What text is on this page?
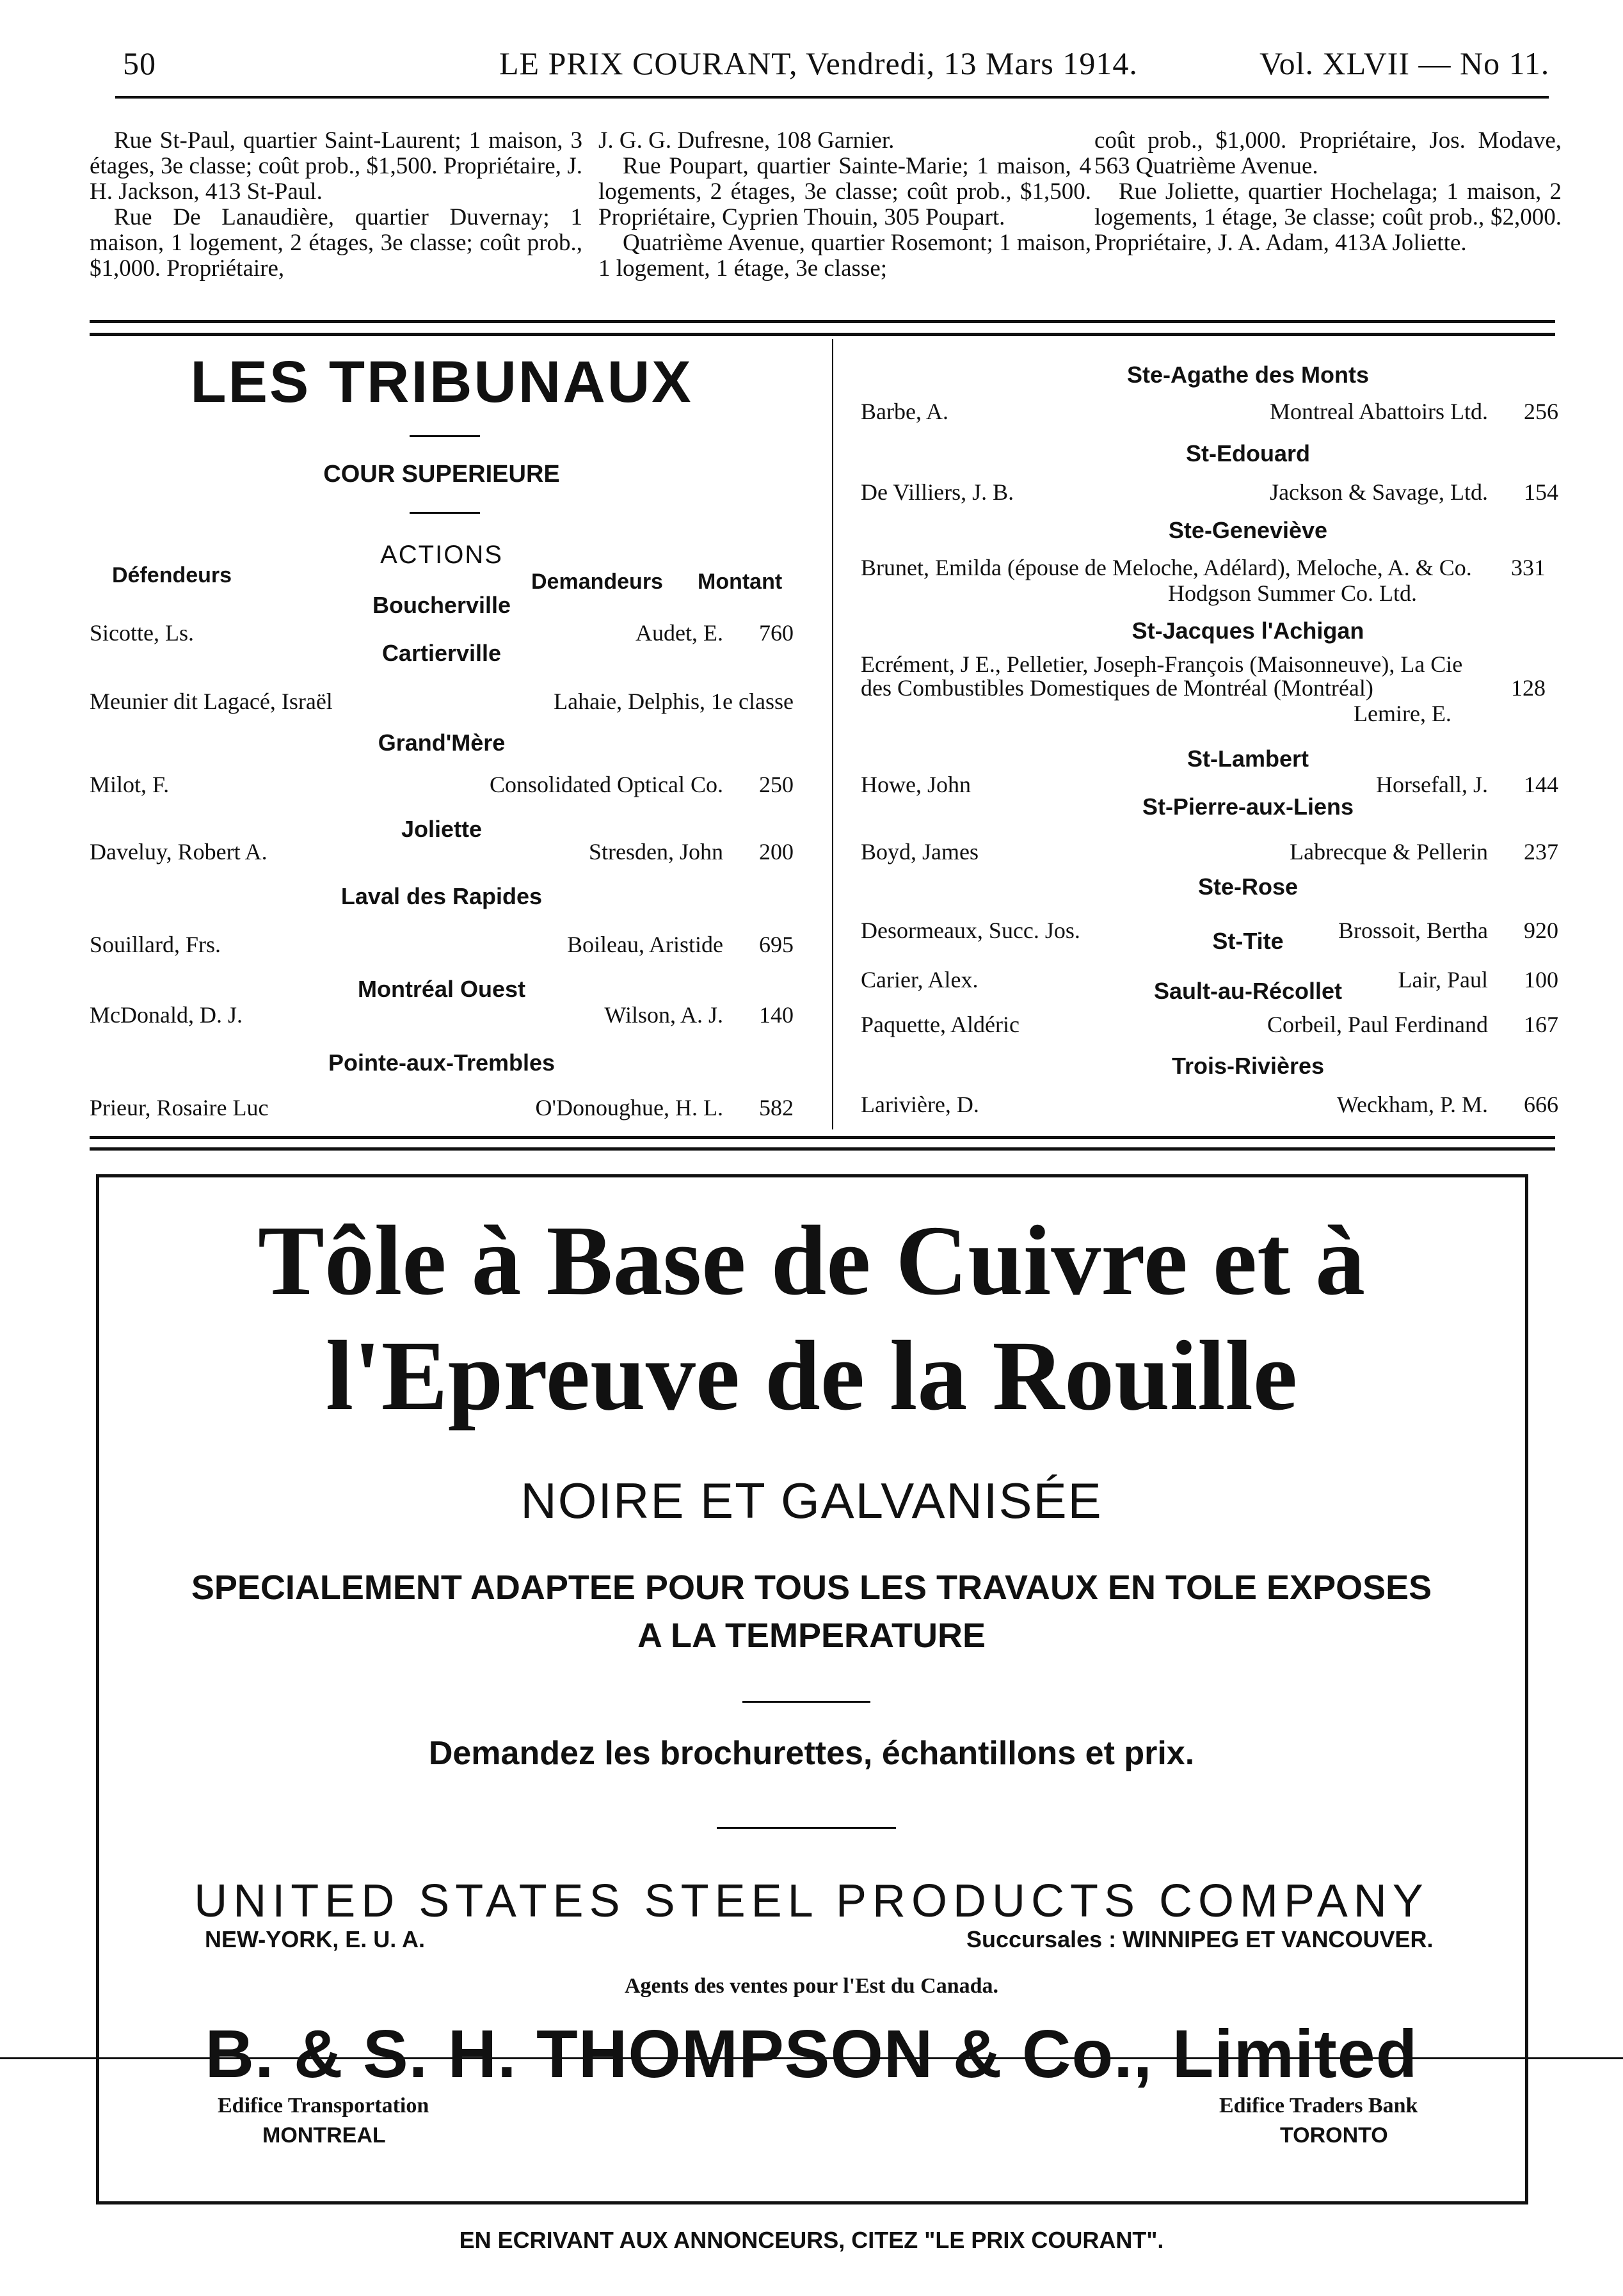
50	LE PRIX COURANT, Vendredi, 13 Mars 1914.	Vol. XLVII — No 11.

Rue St-Paul, quartier Saint-Laurent; 1 maison, 3 étages, 3e classe; coût prob., $1,500. Propriétaire, J. H. Jackson, 413 St-Paul.

Rue De Lanaudière, quartier Duvernay; 1 maison, 1 logement, 2 étages, 3e classe; coût prob., $1,000. Propriétaire,

J. G. G. Dufresne, 108 Garnier.

Rue Poupart, quartier Sainte-Marie; 1 maison, 4 logements, 2 étages, 3e classe; coût prob., $1,500. Propriétaire, Cyprien Thouin, 305 Poupart.

Quatrième Avenue, quartier Rosemont; 1 maison, 1 logement, 1 étage, 3e classe;

coût prob., $1,000. Propriétaire, Jos. Modave, 563 Quatrième Avenue.

Rue Joliette, quartier Hochelaga; 1 maison, 2 logements, 1 étage, 3e classe; coût prob., $2,000. Propriétaire, J. A. Adam, 413A Joliette.

LES TRIBUNAUX
COUR SUPERIEURE
ACTIONS
Défendeurs	Demandeurs Montant
Boucherville
Sicotte, Ls.	Audet, E.	760
Cartierville
Meunier dit Lagacé, Israël	Lahaie, Delphis, 1e classe
Grand'Mère
Milot, F.	Consolidated Optical Co.	250
Joliette
Daveluy, Robert A.	Stresden, John	200
Laval des Rapides
Souillard, Frs.	Boileau, Aristide	695
Montréal Ouest
McDonald, D. J.	Wilson, A. J.	140
Pointe-aux-Trembles
Prieur, Rosaire Luc	O'Donoughue, H. L.	582
Ste-Agathe des Monts
Barbe, A.	Montreal Abattoirs Ltd.	256
St-Edouard
De Villiers, J. B.	Jackson & Savage, Ltd.	154
Ste-Geneviève
Brunet, Emilda (épouse de Meloche, Adélard), Meloche, A. & Co.	331
Hodgson Summer Co. Ltd.
St-Jacques l'Achigan
Ecrément, J E., Pelletier, Joseph-François (Maisonneuve), La Cie des Combustibles Domestiques de Montréal (Montréal)	128
Lemire, E.
St-Lambert
Howe, John	Horsefall, J.	144
St-Pierre-aux-Liens
Boyd, James	Labrecque & Pellerin	237
Ste-Rose
Desormeaux, Succ. Jos.	Brossoit, Bertha	920
St-Tite
Carier, Alex.	Lair, Paul	100
Sault-au-Récollet
Paquette, Aldéric	Corbeil, Paul Ferdinand	167
Trois-Rivières
Larivière, D.	Weckham, P. M.	666
Tôle à Base de Cuivre et à
l'Epreuve de la Rouille
NOIRE ET GALVANISÉE
SPECIALEMENT ADAPTEE POUR TOUS LES TRAVAUX EN TOLE EXPOSES
A LA TEMPERATURE
Demandez les brochurettes, échantillons et prix.
UNITED STATES STEEL PRODUCTS COMPANY
NEW-YORK, E. U. A.	Succursales : WINNIPEG ET VANCOUVER.
Agents des ventes pour l'Est du Canada.
B. & S. H. THOMPSON & Co., Limited
Edifice Transportation
MONTREAL
Edifice Traders Bank
TORONTO
EN ECRIVANT AUX ANNONCEURS, CITEZ "LE PRIX COURANT".
